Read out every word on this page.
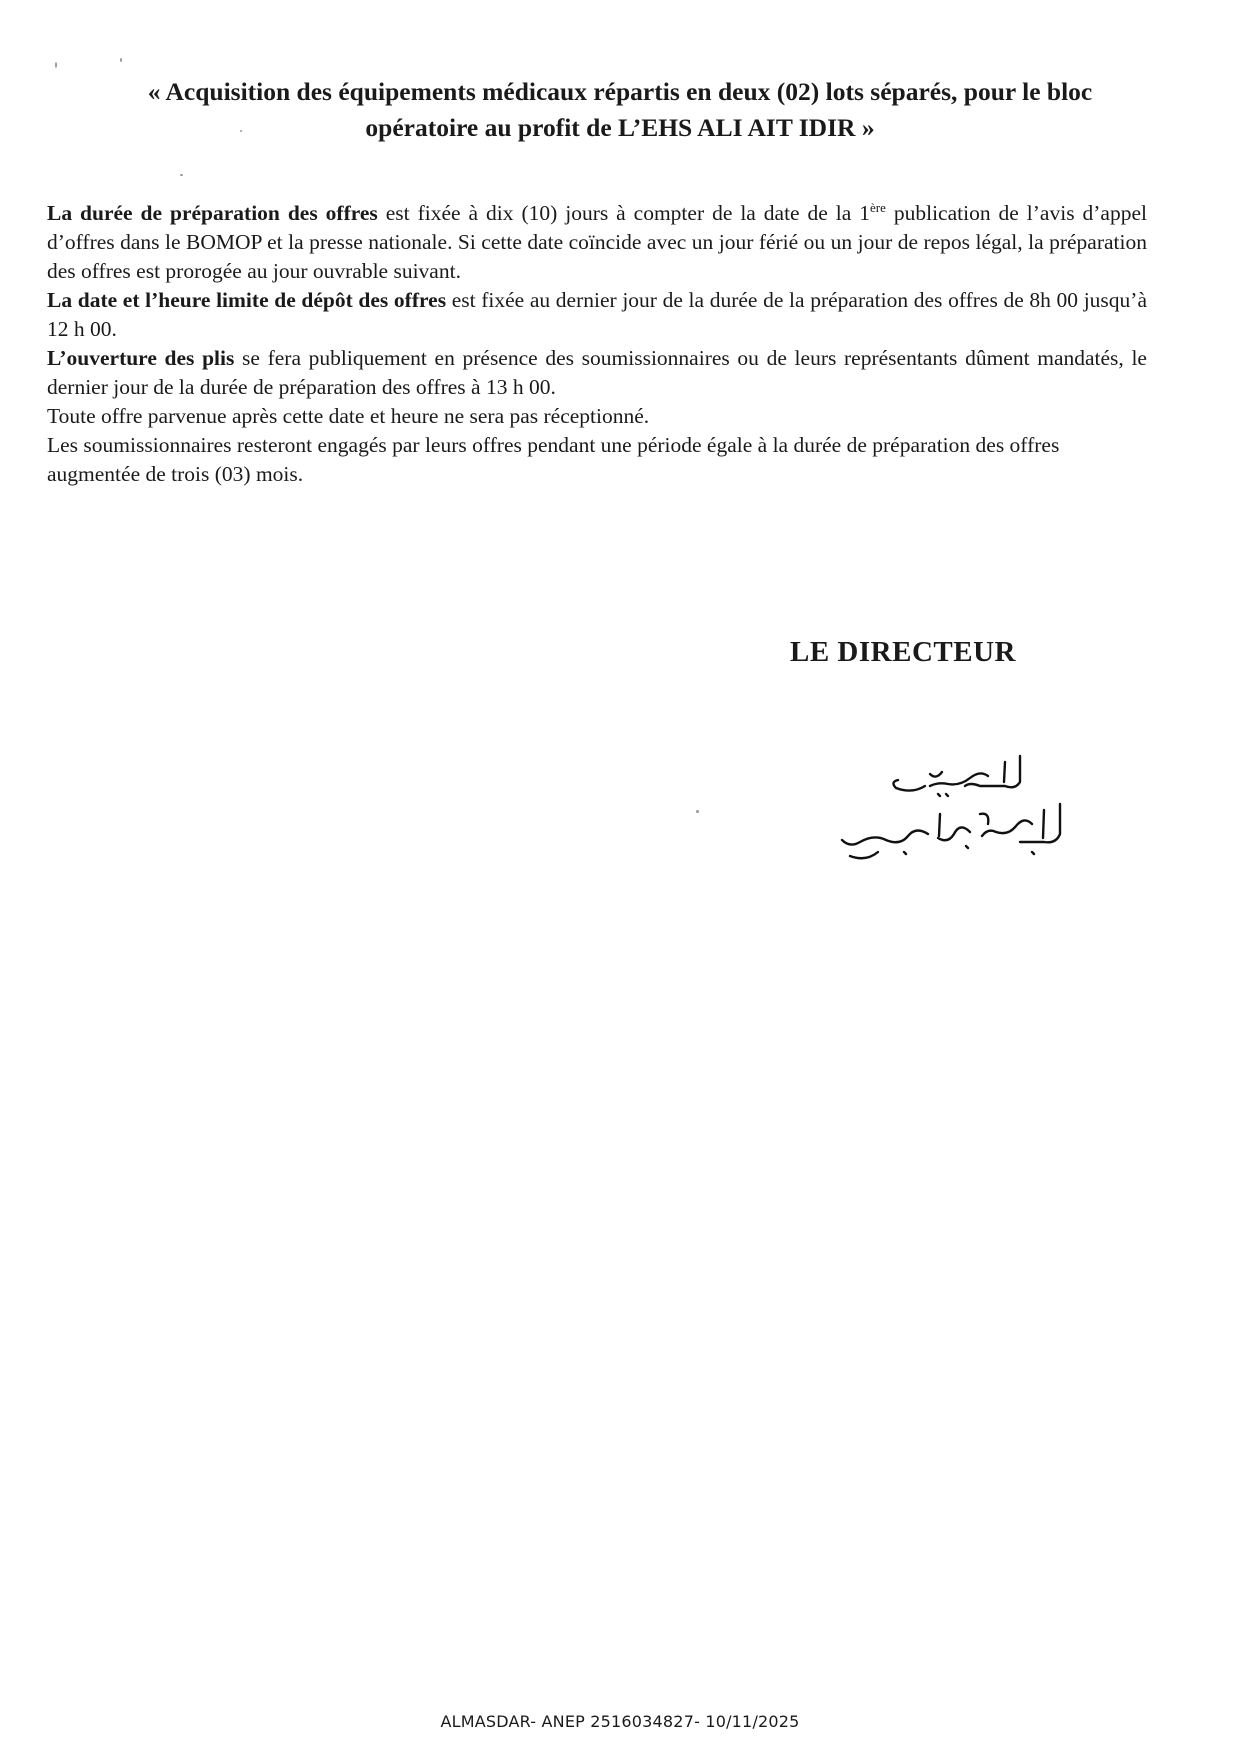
« Acquisition des équipements médicaux répartis en deux (02) lots séparés, pour le bloc
opératoire au profit de L’EHS ALI AIT IDIR »

La durée de préparation des offres est fixée à dix (10) jours à compter de la date de la 1ère publication de l’avis d’appel d’offres dans le BOMOP et la presse nationale. Si cette date coïncide avec un jour férié ou un jour de repos légal, la préparation des offres est prorogée au jour ouvrable suivant.

La date et l’heure limite de dépôt des offres est fixée au dernier jour de la durée de la préparation des offres de 8h 00 jusqu’à 12 h 00.

L’ouverture des plis se fera publiquement en présence des soumissionnaires ou de leurs représentants dûment mandatés, le dernier jour de la durée de préparation des offres à 13 h 00.

Toute offre parvenue après cette date et heure ne sera pas réceptionné.

Les soumissionnaires resteront engagés par leurs offres pendant une période égale à la durée de préparation des offres augmentée de trois (03) mois.

LE DIRECTEUR
ALMASDAR- ANEP 2516034827- 10/11/2025
